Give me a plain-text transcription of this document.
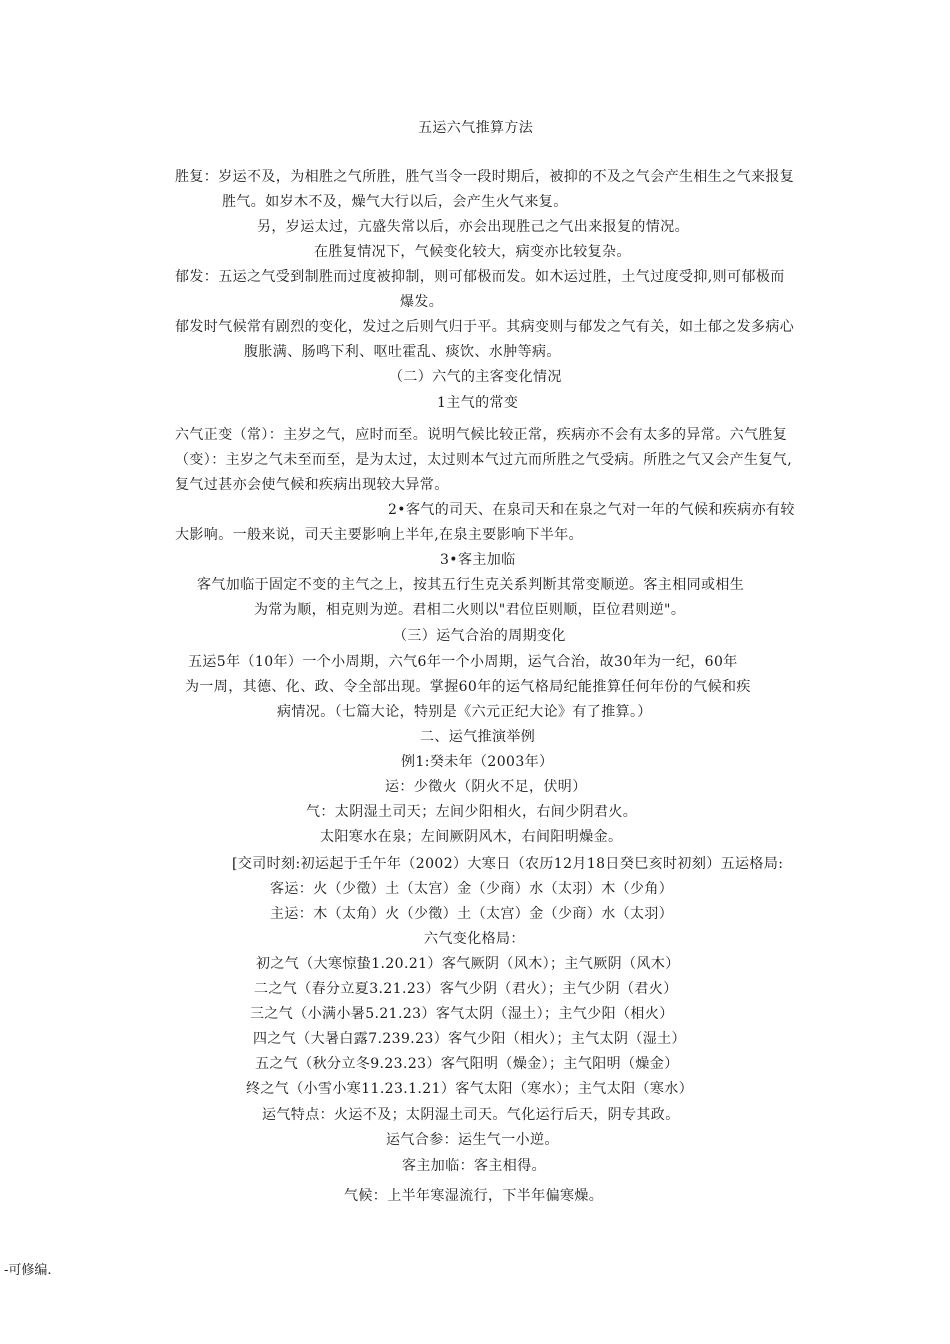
五运六气推算方法
胜复：岁运不及，为相胜之气所胜，胜气当令一段时期后，被抑的不及之气会产生相生之气来报复
胜气。如岁木不及，燥气大行以后，会产生火气来复。
另，岁运太过，亢盛失常以后，亦会出现胜己之气出来报复的情况。
在胜复情况下，气候变化较大，病变亦比较复杂。
郁发：五运之气受到制胜而过度被抑制，则可郁极而发。如木运过胜，土气过度受抑,则可郁极而
爆发。
郁发时气候常有剧烈的变化，发过之后则气归于平。其病变则与郁发之气有关，如土郁之发多病心
腹胀满、肠鸣下利、呕吐霍乱、痰饮、水肿等病。
（二）六气的主客变化情况
1主气的常变
六气正变（常）：主岁之气，应时而至。说明气候比较正常，疾病亦不会有太多的异常。六气胜复
（变）：主岁之气未至而至，是为太过，太过则本气过亢而所胜之气受病。所胜之气又会产生复气,
复气过甚亦会使气候和疾病出现较大异常。
2•客气的司天、在泉司天和在泉之气对一年的气候和疾病亦有较
大影响。一般来说，司天主要影响上半年,在泉主要影响下半年。
3•客主加临
客气加临于固定不变的主气之上，按其五行生克关系判断其常变顺逆。客主相同或相生
为常为顺，相克则为逆。君相二火则以"君位臣则顺，臣位君则逆"。
（三）运气合治的周期变化
五运5年（10年）一个小周期，六气6年一个小周期，运气合治，故30年为一纪，60年
为一周，其德、化、政、令全部出现。掌握60年的运气格局纪能推算任何年份的气候和疾
病情况。（七篇大论，特别是《六元正纪大论》有了推算。）
二、运气推演举例
例1:癸未年（2003年）
运：少徵火（阴火不足，伏明）
气：太阴湿土司天；左间少阳相火，右间少阴君火。
太阳寒水在泉；左间厥阴风木，右间阳明燥金。
[交司时刻:初运起于壬午年（2002）大寒日（农历12月18日癸巳亥时初刻）五运格局:
客运：火（少徵）土（太宫）金（少商）水（太羽）木（少角）
主运：木（太角）火（少徵）土（太宫）金（少商）水（太羽）
六气变化格局：
初之气（大寒惊蛰1.20.21）客气厥阴（风木）；主气厥阴（风木）
二之气（春分立夏3.21.23）客气少阴（君火）；主气少阴（君火）
三之气（小满小暑5.21.23）客气太阴（湿土）；主气少阳（相火）
四之气（大暑白露7.239.23）客气少阳（相火）；主气太阴（湿土）
五之气（秋分立冬9.23.23）客气阳明（燥金）；主气阳明（燥金）
终之气（小雪小寒11.23.1.21）客气太阳（寒水）；主气太阳（寒水）
运气特点：火运不及；太阴湿土司天。气化运行后天，阴专其政。
运气合参：运生气一小逆。
客主加临：客主相得。
气候：上半年寒湿流行，下半年偏寒燥。
-可修编.
